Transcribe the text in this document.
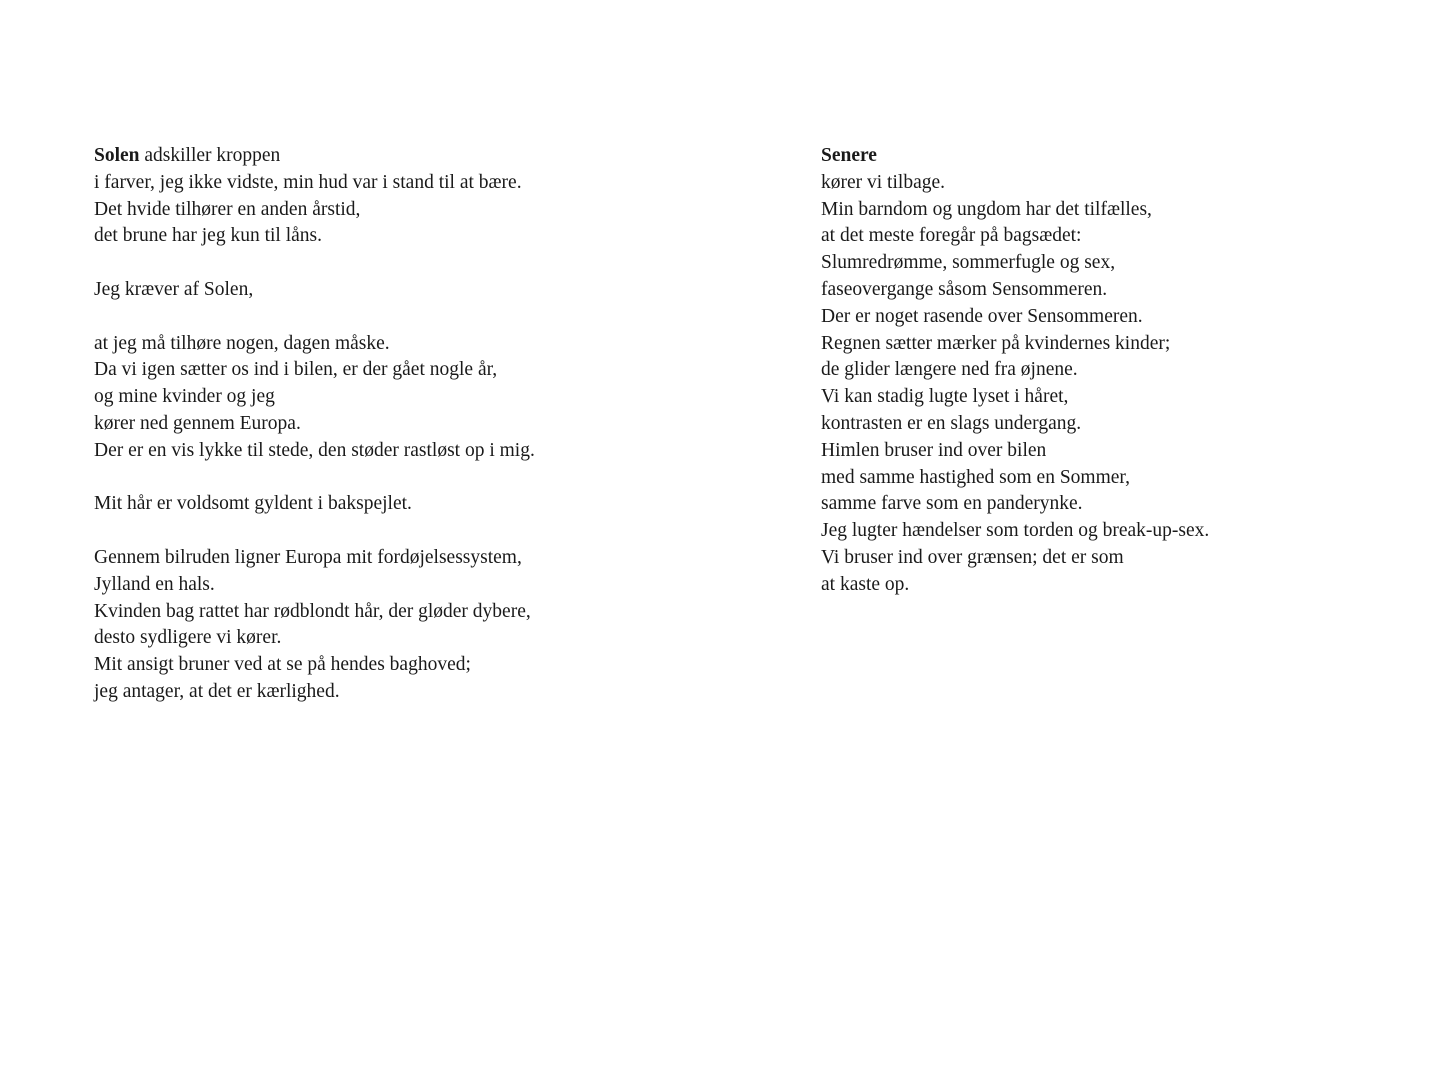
Solen adskiller kroppen
i farver, jeg ikke vidste, min hud var i stand til at bære.
Det hvide tilhører en anden årstid,
det brune har jeg kun til låns.
Jeg kræver af Solen,
at jeg må tilhøre nogen, dagen måske.
Da vi igen sætter os ind i bilen, er der gået nogle år,
og mine kvinder og jeg
kører ned gennem Europa.
Der er en vis lykke til stede, den støder rastløst op i mig.
Mit hår er voldsomt gyldent i bakspejlet.
Gennem bilruden ligner Europa mit fordøjelsessystem,
Jylland en hals.
Kvinden bag rattet har rødblondt hår, der gløder dybere,
desto sydligere vi kører.
Mit ansigt bruner ved at se på hendes baghoved;
jeg antager, at det er kærlighed.
Senere
kører vi tilbage.
Min barndom og ungdom har det tilfælles,
at det meste foregår på bagsædet:
Slumredrømme, sommerfugle og sex,
faseovergange såsom Sensommeren.
Der er noget rasende over Sensommeren.
Regnen sætter mærker på kvindernes kinder;
de glider længere ned fra øjnene.
Vi kan stadig lugte lyset i håret,
kontrasten er en slags undergang.
Himlen bruser ind over bilen
med samme hastighed som en Sommer,
samme farve som en panderynke.
Jeg lugter hændelser som torden og break-up-sex.
Vi bruser ind over grænsen; det er som
at kaste op.
